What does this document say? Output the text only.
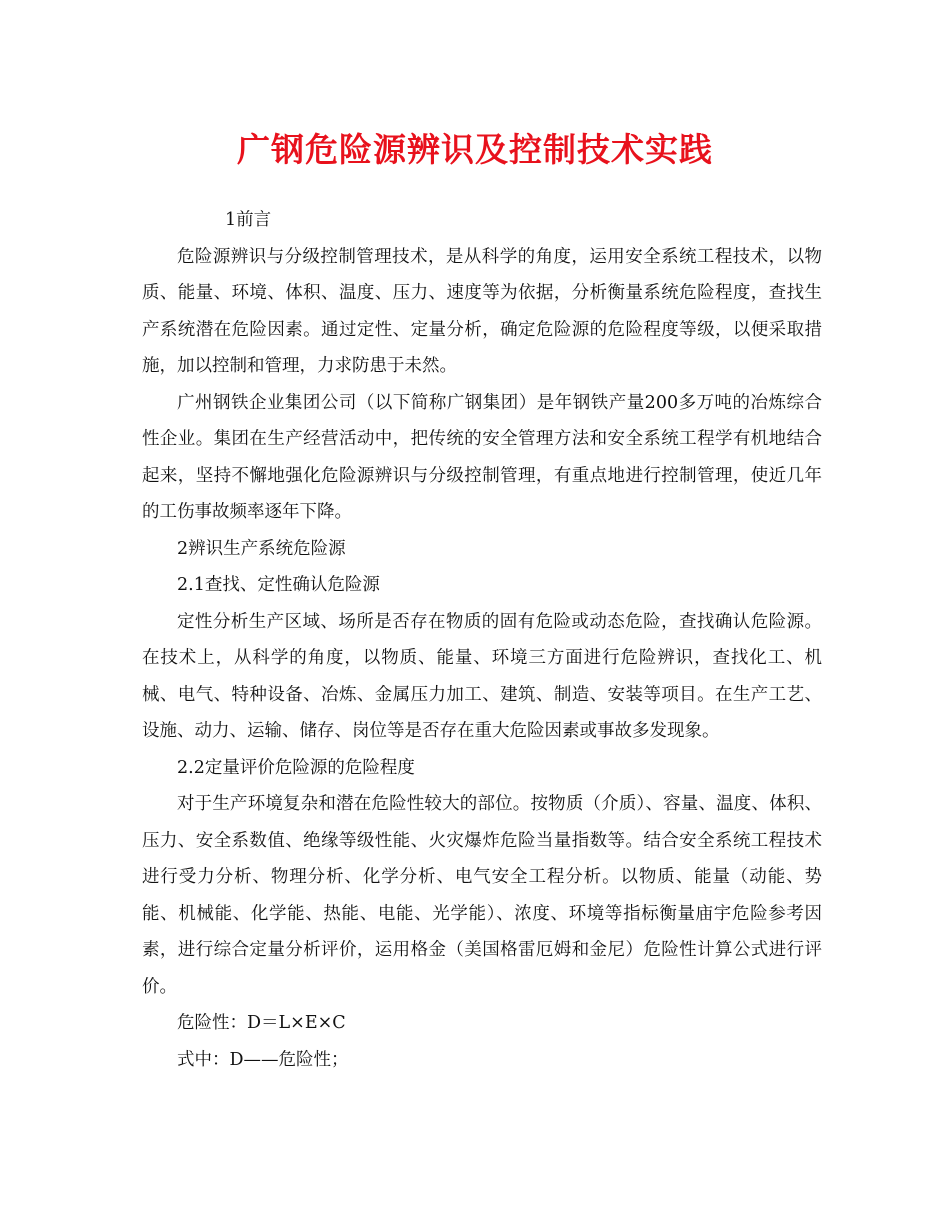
广钢危险源辨识及控制技术实践

1前言

危险源辨识与分级控制管理技术，是从科学的角度，运用安全系统工程技术，以物质、能量、环境、体积、温度、压力、速度等为依据，分析衡量系统危险程度，查找生产系统潜在危险因素。通过定性、定量分析，确定危险源的危险程度等级，以便采取措施，加以控制和管理，力求防患于未然。

广州钢铁企业集团公司（以下简称广钢集团）是年钢铁产量200多万吨的冶炼综合性企业。集团在生产经营活动中，把传统的安全管理方法和安全系统工程学有机地结合起来，坚持不懈地强化危险源辨识与分级控制管理，有重点地进行控制管理，使近几年的工伤事故频率逐年下降。

2辨识生产系统危险源

2.1查找、定性确认危险源

定性分析生产区域、场所是否存在物质的固有危险或动态危险，查找确认危险源。在技术上，从科学的角度，以物质、能量、环境三方面进行危险辨识，查找化工、机械、电气、特种设备、冶炼、金属压力加工、建筑、制造、安装等项目。在生产工艺、设施、动力、运输、储存、岗位等是否存在重大危险因素或事故多发现象。

2.2定量评价危险源的危险程度

对于生产环境复杂和潜在危险性较大的部位。按物质（介质）、容量、温度、体积、压力、安全系数值、绝缘等级性能、火灾爆炸危险当量指数等。结合安全系统工程技术进行受力分析、物理分析、化学分析、电气安全工程分析。以物质、能量（动能、势能、机械能、化学能、热能、电能、光学能）、浓度、环境等指标衡量庙宇危险参考因素，进行综合定量分析评价，运用格金（美国格雷厄姆和金尼）危险性计算公式进行评价。

危险性：D＝L×E×C

式中：D——危险性；
